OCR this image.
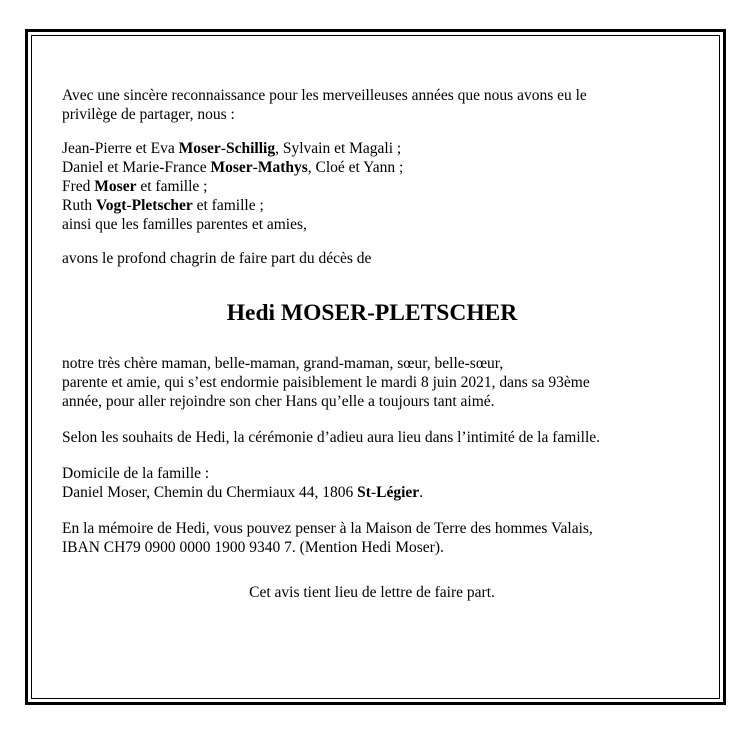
Avec une sincère reconnaissance pour les merveilleuses années que nous avons eu le

privilège de partager, nous :

Jean-Pierre et Eva Moser-Schillig, Sylvain et Magali ;

Daniel et Marie-France Moser-Mathys, Cloé et Yann ;

Fred Moser et famille ;

Ruth Vogt-Pletscher et famille ;

ainsi que les familles parentes et amies,

avons le profond chagrin de faire part du décès de

Hedi MOSER-PLETSCHER

notre très chère maman, belle-maman, grand-maman, sœur, belle-sœur,

parente et amie, qui s’est endormie paisiblement le mardi 8 juin 2021, dans sa 93ème

année, pour aller rejoindre son cher Hans qu’elle a toujours tant aimé.

Selon les souhaits de Hedi, la cérémonie d’adieu aura lieu dans l’intimité de la famille.

Domicile de la famille :

Daniel Moser, Chemin du Chermiaux 44, 1806 St-Légier.

En la mémoire de Hedi, vous pouvez penser à la Maison de Terre des hommes Valais,

IBAN CH79 0900 0000 1900 9340 7. (Mention Hedi Moser).

Cet avis tient lieu de lettre de faire part.
